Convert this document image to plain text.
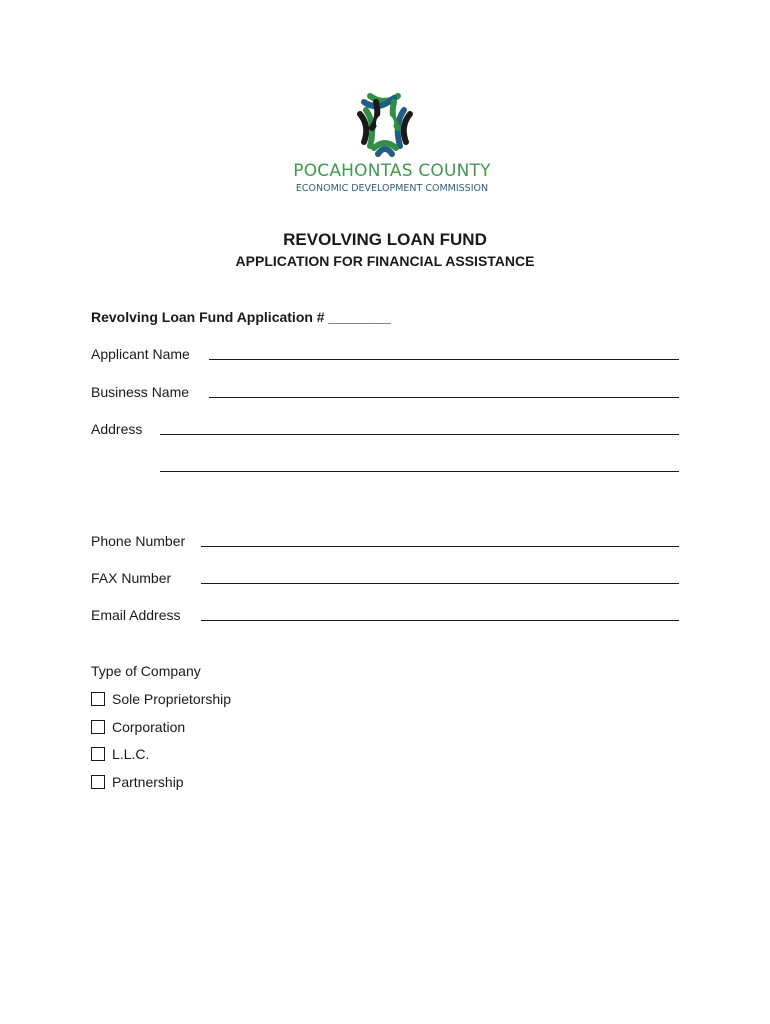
POCAHONTAS COUNTY
ECONOMIC DEVELOPMENT COMMISSION
REVOLVING LOAN FUND
APPLICATION FOR FINANCIAL ASSISTANCE
Revolving Loan Fund Application # ________
Applicant Name
Business Name
Address
Phone Number
FAX Number
Email Address
Type of Company
Sole Proprietorship
Corporation
L.L.C.
Partnership
